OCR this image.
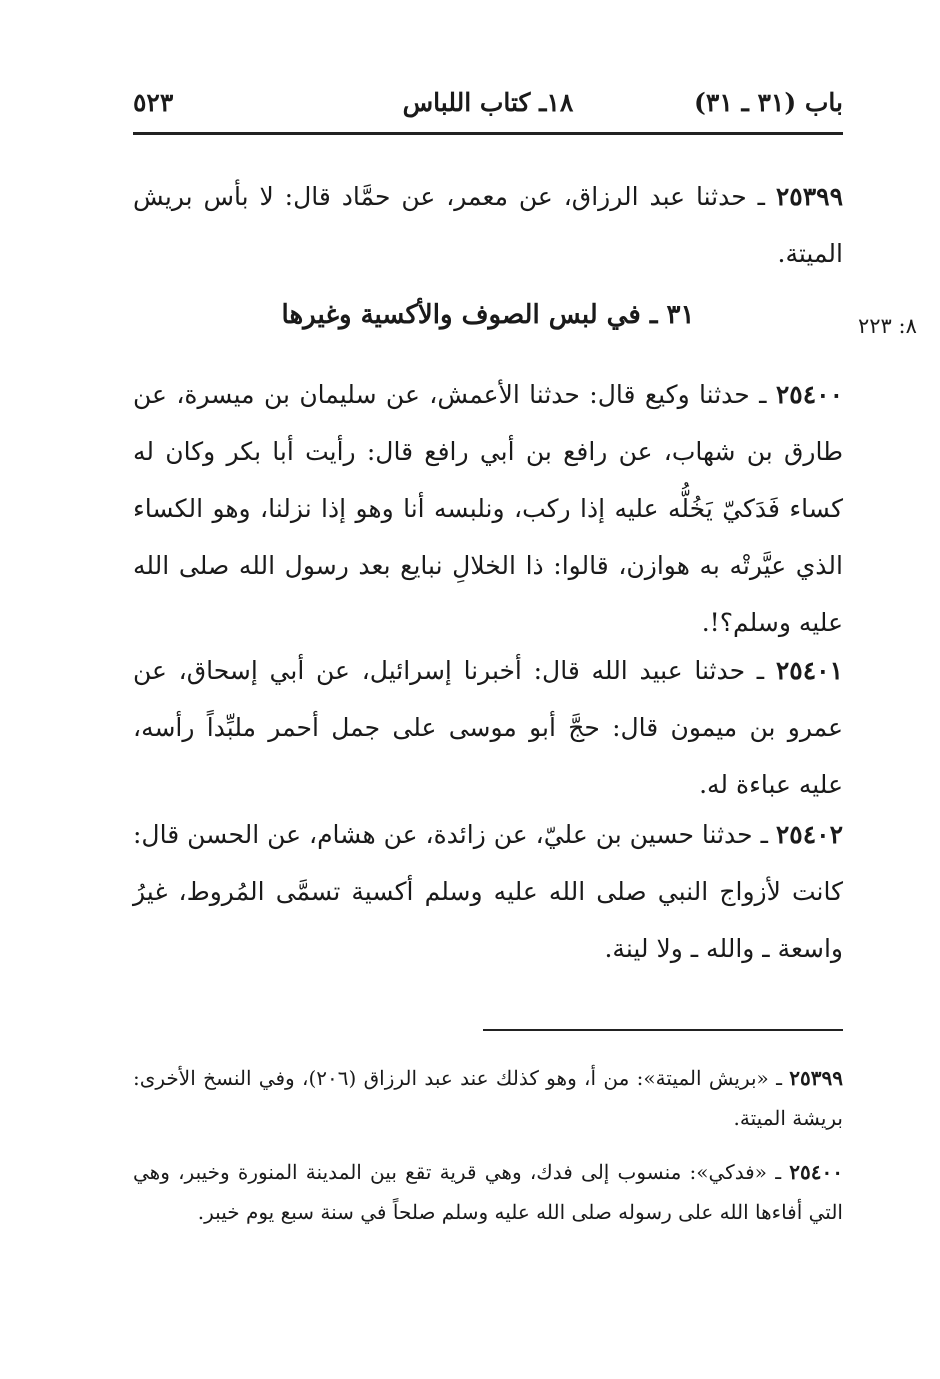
باب (٣١ ـ ٣١)
١٨ـ كتاب اللباس
٥٢٣
٢٥٣٩٩ ـ حدثنا عبد الرزاق، عن معمر، عن حمَّاد قال: لا بأس بريش الميتة.
٨: ٢٢٣
٣١ ـ في لبس الصوف والأكسية وغيرها
٢٥٤٠٠ ـ حدثنا وكيع قال: حدثنا الأعمش، عن سليمان بن ميسرة، عن طارق بن شهاب، عن رافع بن أبي رافع قال: رأيت أبا بكر وكان له كساء فَدَكيّ يَخُلُّه عليه إذا ركب، ونلبسه أنا وهو إذا نزلنا، وهو الكساء الذي عيَّرتْه به هوازن، قالوا: ذا الخلالِ نبايع بعد رسول الله صلى الله عليه وسلم؟!.
٢٥٤٠١ ـ حدثنا عبيد الله قال: أخبرنا إسرائيل، عن أبي إسحاق، عن عمرو بن ميمون قال: حجَّ أبو موسى على جمل أحمر ملبِّداً رأسه، عليه عباءة له.
٢٥٤٠٢ ـ حدثنا حسين بن عليّ، عن زائدة، عن هشام، عن الحسن قال: كانت لأزواج النبي صلى الله عليه وسلم أكسية تسمَّى المُروط، غيرُ واسعة ـ والله ـ ولا لينة.
٢٥٣٩٩ ـ «بريش الميتة»: من أ، وهو كذلك عند عبد الرزاق (٢٠٦)، وفي النسخ الأخرى: بريشة الميتة.
٢٥٤٠٠ ـ «فدكي»: منسوب إلى فدك، وهي قرية تقع بين المدينة المنورة وخيبر، وهي التي أفاءها الله على رسوله صلى الله عليه وسلم صلحاً في سنة سبع يوم خيبر.
